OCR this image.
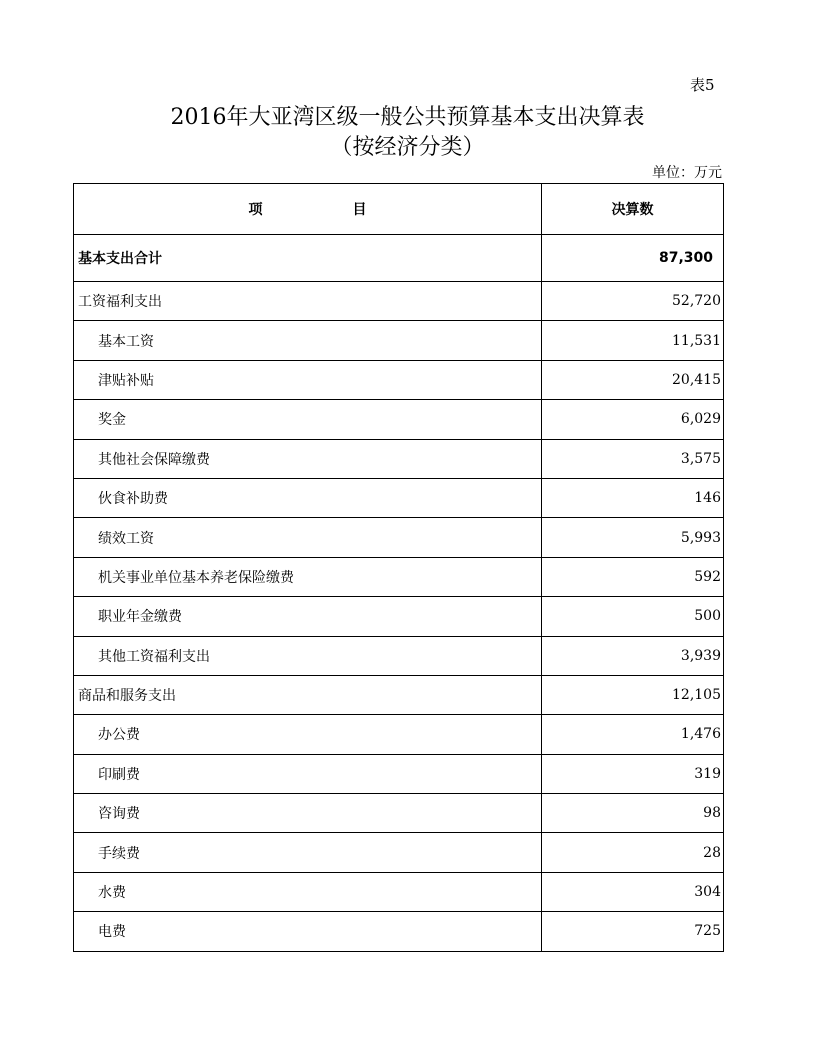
表5
2016年大亚湾区级一般公共预算基本支出决算表
（按经济分类）
单位：万元
项 目	决算数
基本支出合计	87,300
工资福利支出	52,720
基本工资	11,531
津贴补贴	20,415
奖金	6,029
其他社会保障缴费	3,575
伙食补助费	146
绩效工资	5,993
机关事业单位基本养老保险缴费	592
职业年金缴费	500
其他工资福利支出	3,939
商品和服务支出	12,105
办公费	1,476
印刷费	319
咨询费	98
手续费	28
水费	304
电费	725
